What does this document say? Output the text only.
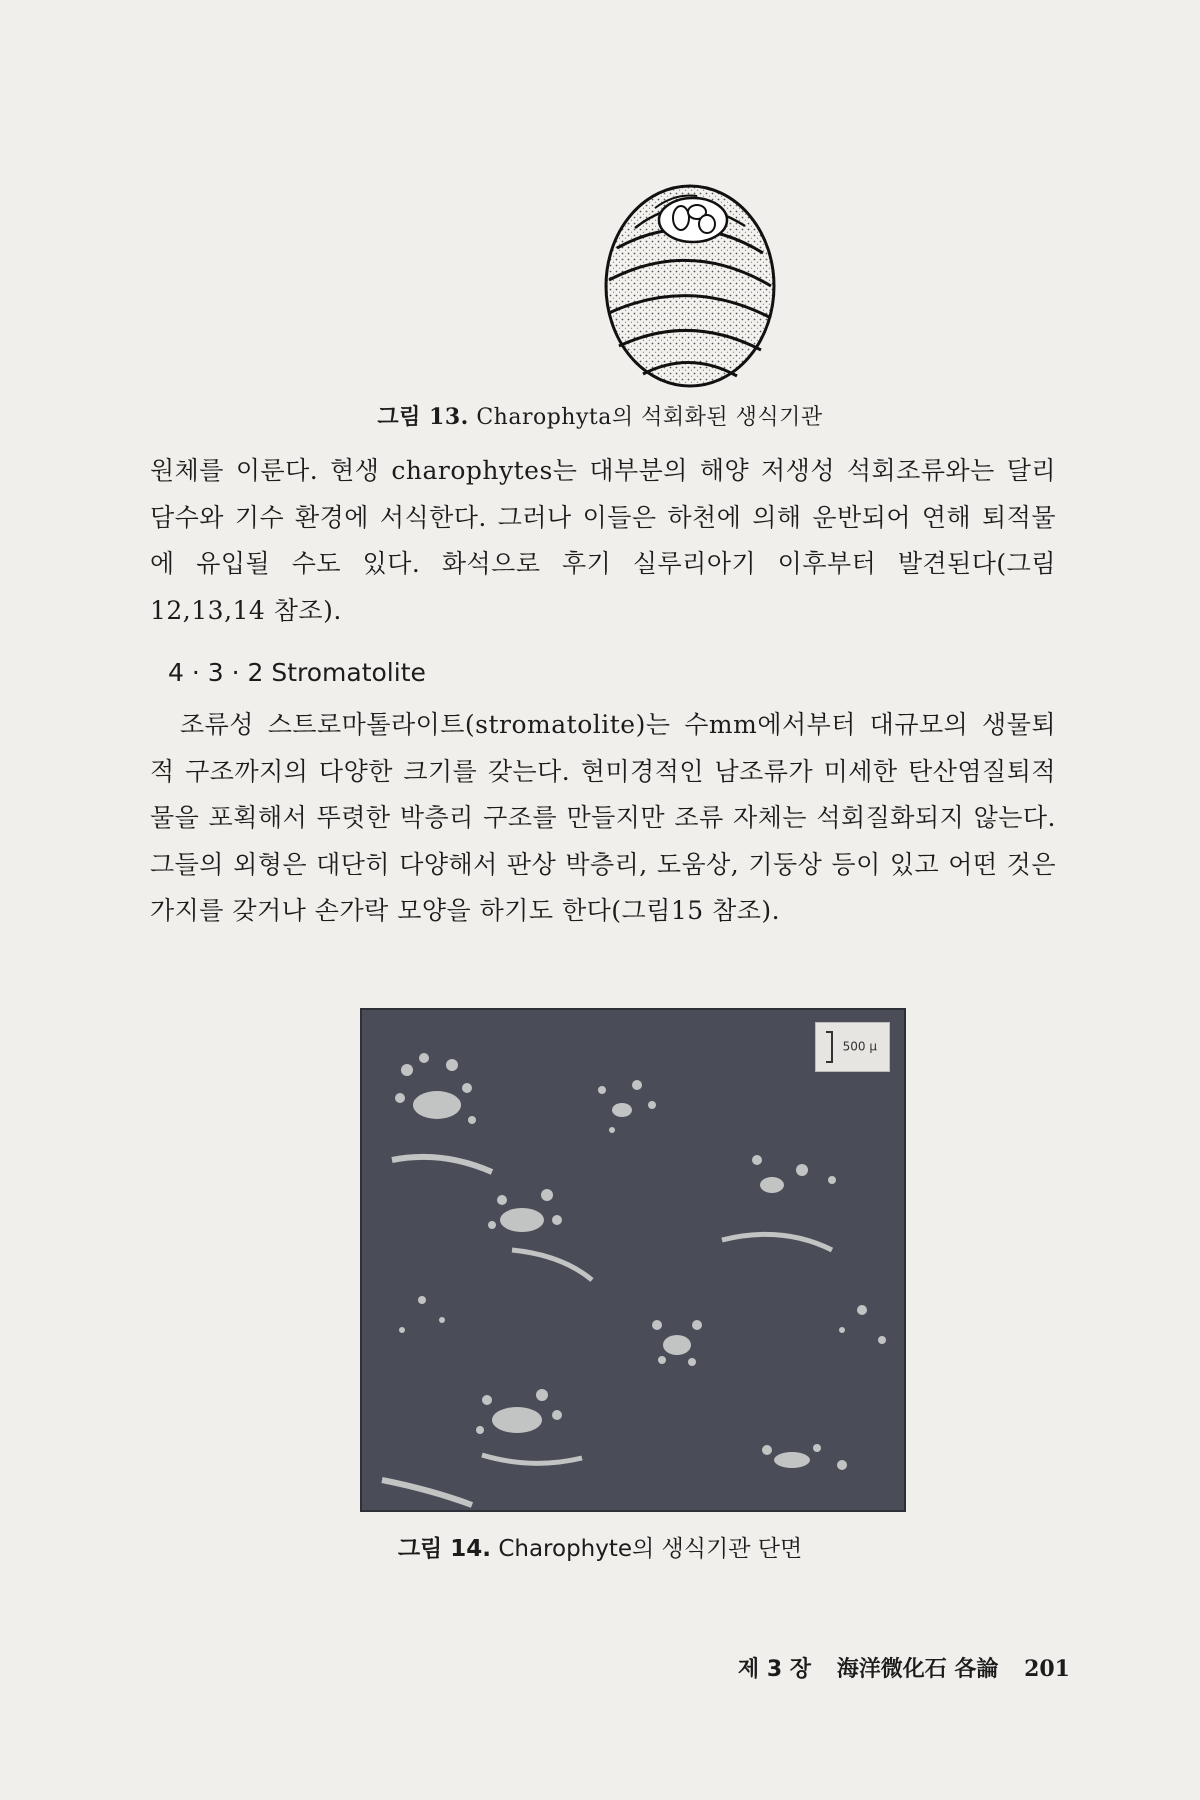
그림 13. Charophyta의 석회화된 생식기관
원체를 이룬다. 현생 charophytes는 대부분의 해양 저생성 석회조류와는 달리 담수와 기수 환경에 서식한다. 그러나 이들은 하천에 의해 운반되어 연해 퇴적물에 유입될 수도 있다. 화석으로 후기 실루리아기 이후부터 발견된다(그림12,13,14 참조).
4 · 3 · 2 Stromatolite
조류성 스트로마톨라이트(stromatolite)는 수mm에서부터 대규모의 생물퇴적 구조까지의 다양한 크기를 갖는다. 현미경적인 남조류가 미세한 탄산염질퇴적물을 포획해서 뚜렷한 박층리 구조를 만들지만 조류 자체는 석회질화되지 않는다. 그들의 외형은 대단히 다양해서 판상 박층리, 도움상, 기둥상 등이 있고 어떤 것은 가지를 갖거나 손가락 모양을 하기도 한다(그림15 참조).
500 μ
그림 14. Charophyte의 생식기관 단면
제 3 장 海洋微化石 各論 201
